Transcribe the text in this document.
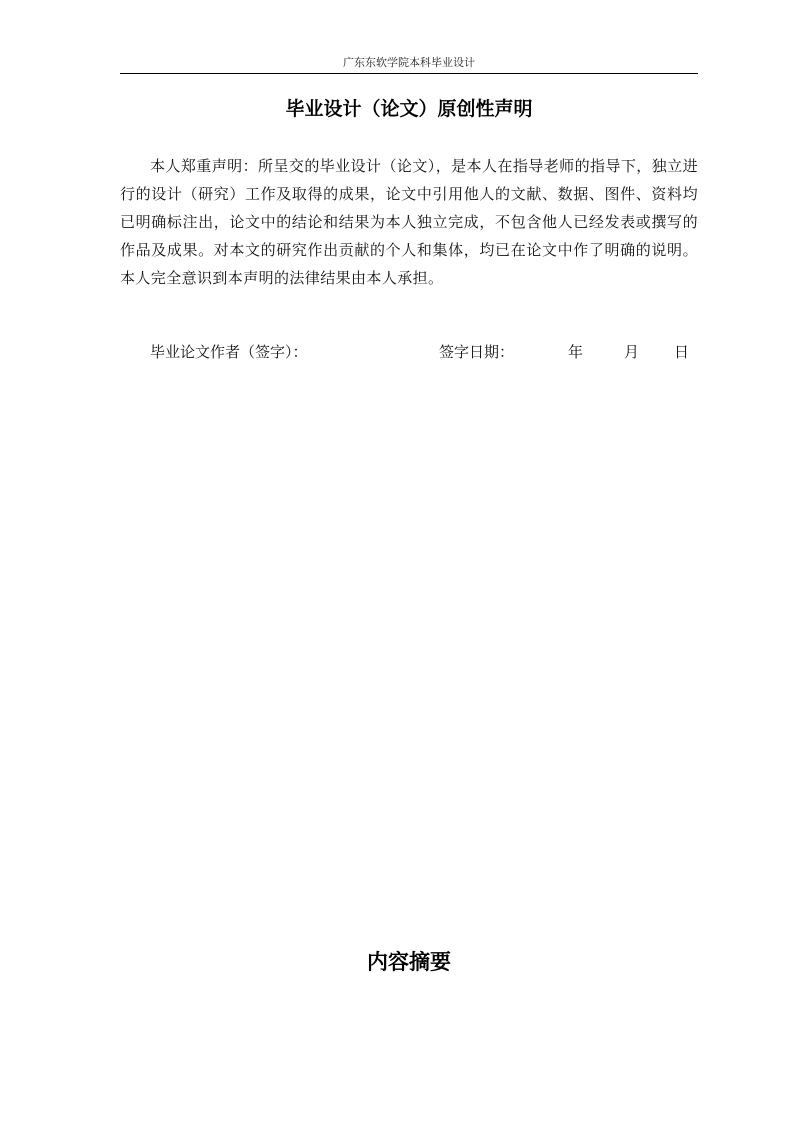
广东东软学院本科毕业设计
毕业设计（论文）原创性声明

本人郑重声明：所呈交的毕业设计（论文），是本人在指导老师的指导下，独立进行的设计（研究）工作及取得的成果，论文中引用他人的文献、数据、图件、资料均已明确标注出，论文中的结论和结果为本人独立完成，不包含他人已经发表或撰写的作品及成果。对本文的研究作出贡献的个人和集体，均已在论文中作了明确的说明。本人完全意识到本声明的法律结果由本人承担。

毕业论文作者（签字）：	签字日期：	年	月 日
内容摘要
